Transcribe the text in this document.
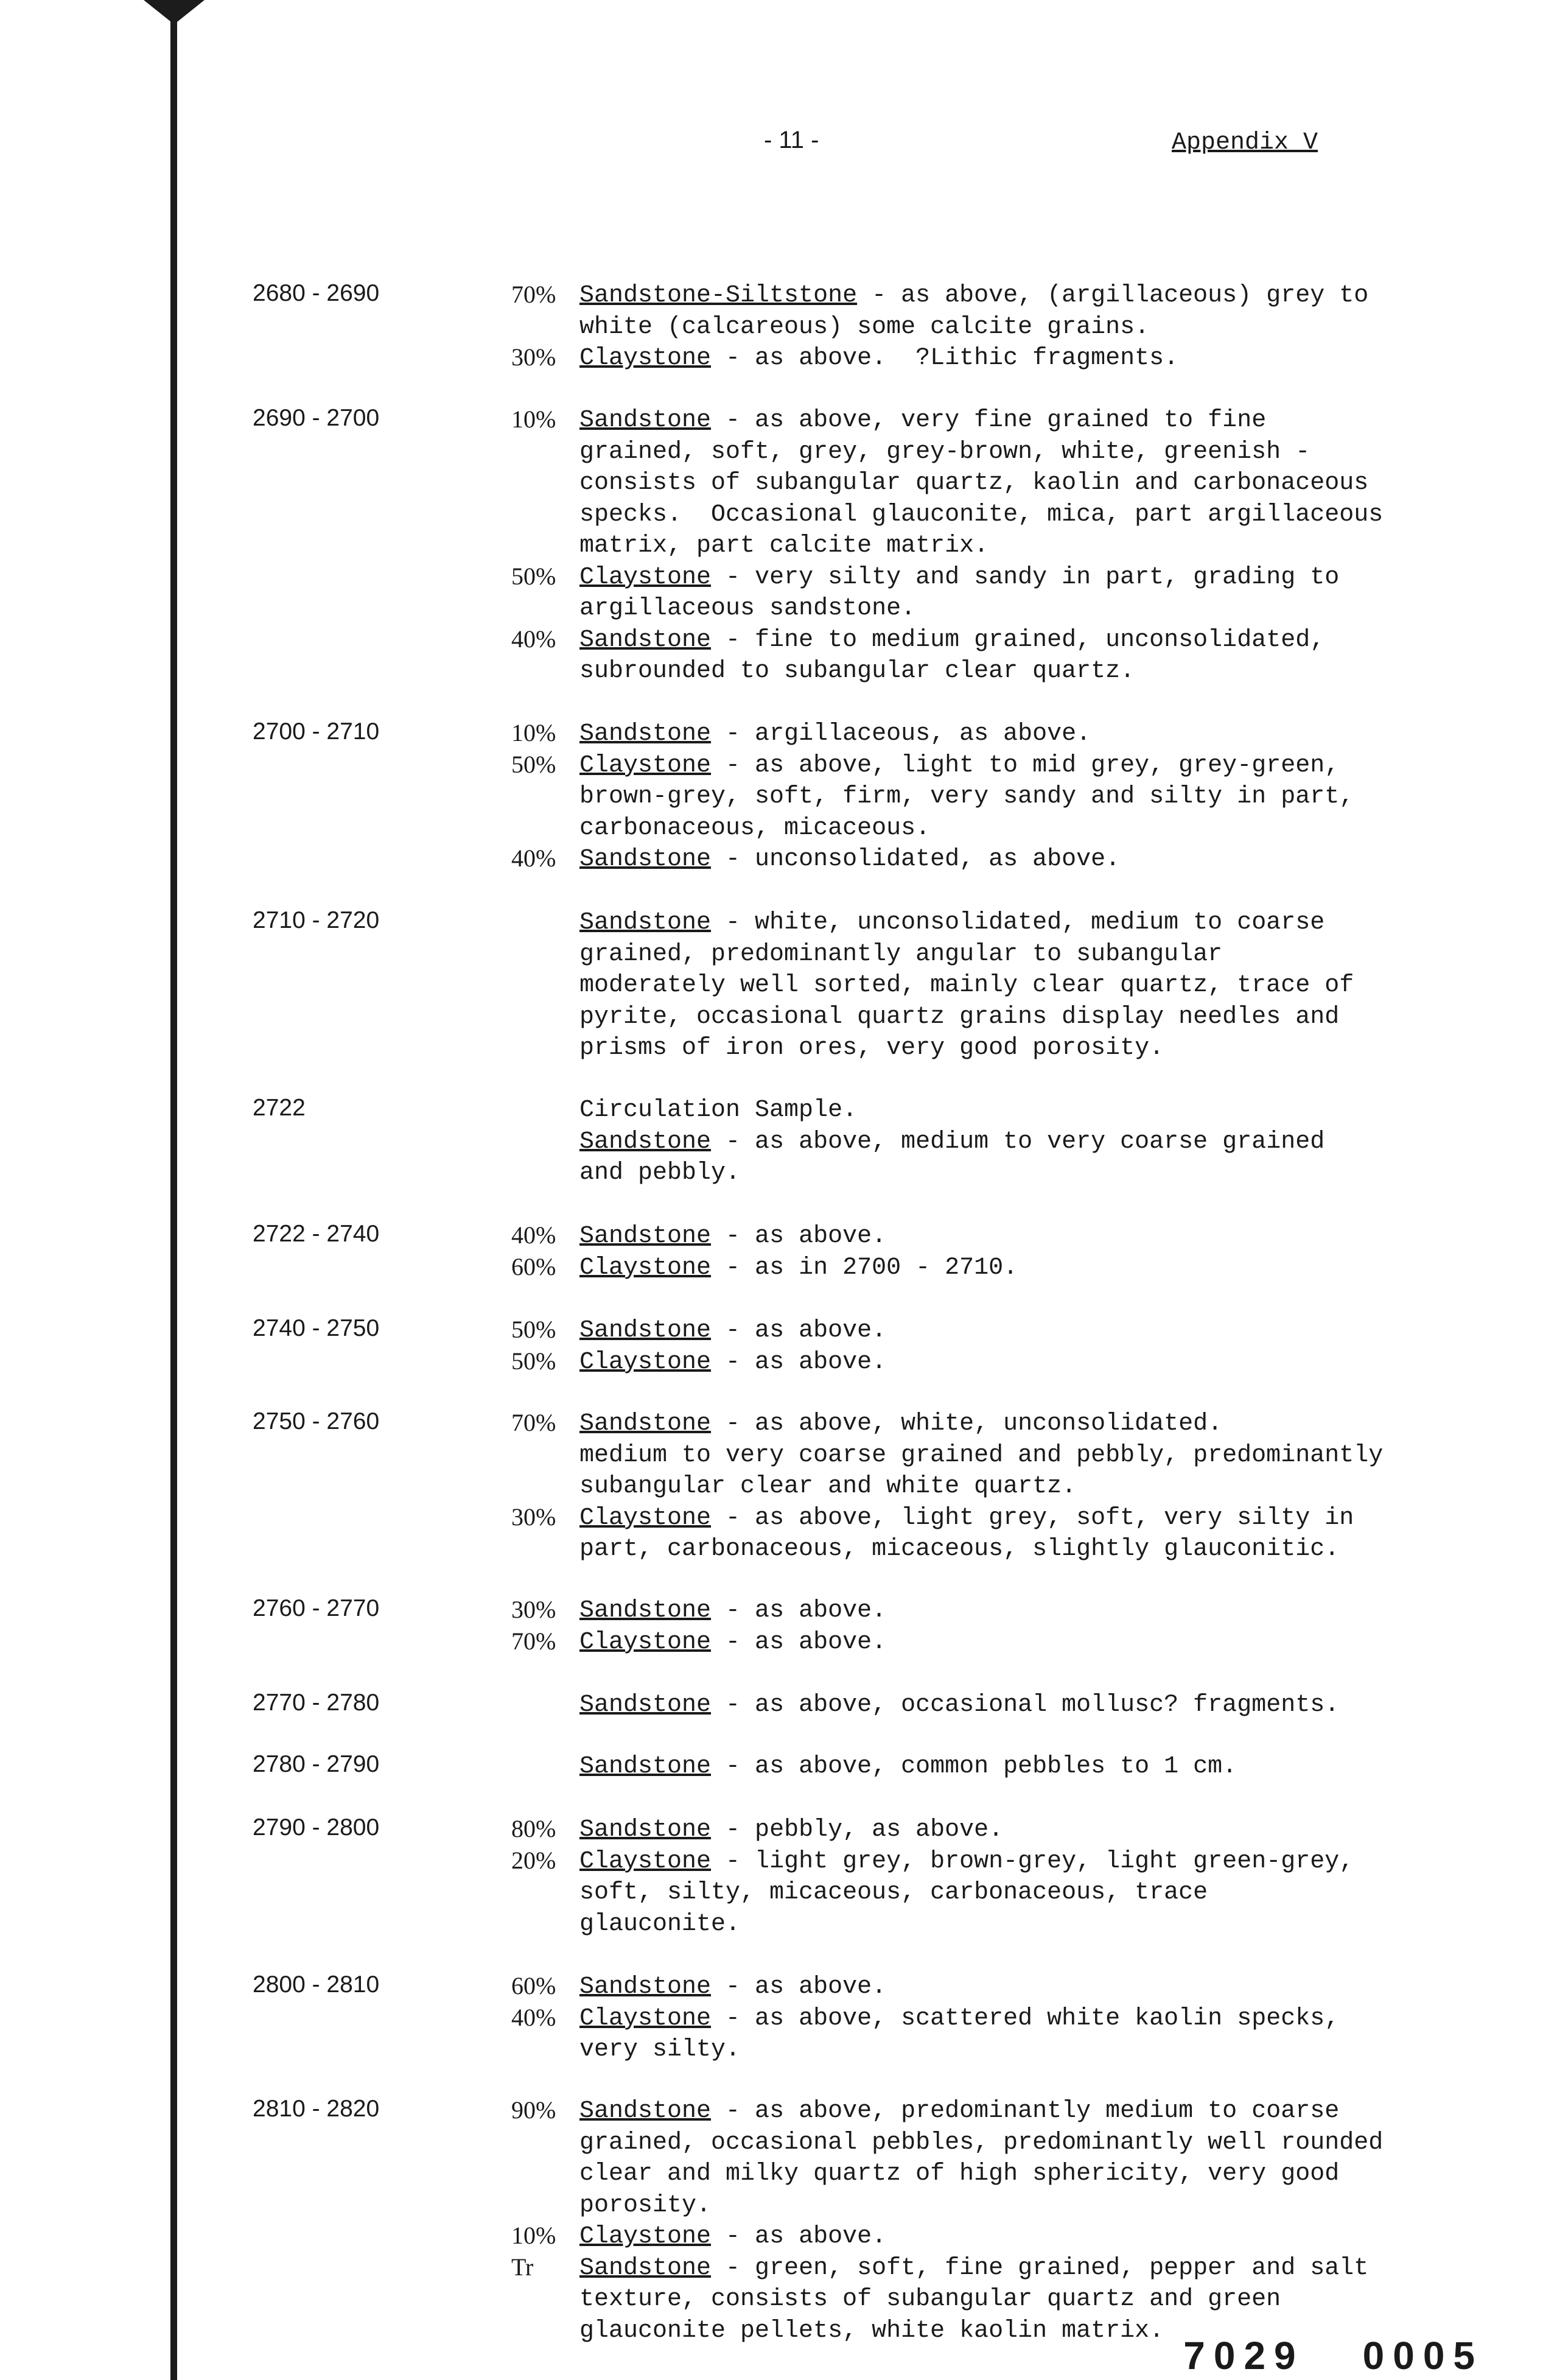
- 11 -	Appendix V
2680 - 2690	70% Sandstone-Siltstone - as above, (argillaceous) grey to
white (calcareous) some calcite grains.
30% Claystone - as above.  ?Lithic fragments.
2690 - 2700	10% Sandstone - as above, very fine grained to fine
grained, soft, grey, grey-brown, white, greenish -
consists of subangular quartz, kaolin and carbonaceous
specks.  Occasional glauconite, mica, part argillaceous
matrix, part calcite matrix.
50% Claystone - very silty and sandy in part, grading to
argillaceous sandstone.
40% Sandstone - fine to medium grained, unconsolidated,
subrounded to subangular clear quartz.
2700 - 2710	10% Sandstone - argillaceous, as above.
50% Claystone - as above, light to mid grey, grey-green,
brown-grey, soft, firm, very sandy and silty in part,
carbonaceous, micaceous.
40% Sandstone - unconsolidated, as above.
2710 - 2720	Sandstone - white, unconsolidated, medium to coarse
grained, predominantly angular to subangular
moderately well sorted, mainly clear quartz, trace of
pyrite, occasional quartz grains display needles and
prisms of iron ores, very good porosity.
2722	Circulation Sample.
Sandstone - as above, medium to very coarse grained
and pebbly.
2722 - 2740	40% Sandstone - as above.
60% Claystone - as in 2700 - 2710.
2740 - 2750	50% Sandstone - as above.
50% Claystone - as above.
2750 - 2760	70% Sandstone - as above, white, unconsolidated.
medium to very coarse grained and pebbly, predominantly
subangular clear and white quartz.
30% Claystone - as above, light grey, soft, very silty in
part, carbonaceous, micaceous, slightly glauconitic.
2760 - 2770	30% Sandstone - as above.
70% Claystone - as above.
2770 - 2780	Sandstone - as above, occasional mollusc? fragments.
2780 - 2790	Sandstone - as above, common pebbles to 1 cm.
2790 - 2800	80% Sandstone - pebbly, as above.
20% Claystone - light grey, brown-grey, light green-grey,
soft, silty, micaceous, carbonaceous, trace
glauconite.
2800 - 2810	60% Sandstone - as above.
40% Claystone - as above, scattered white kaolin specks,
very silty.
2810 - 2820	90% Sandstone - as above, predominantly medium to coarse
grained, occasional pebbles, predominantly well rounded
clear and milky quartz of high sphericity, very good
porosity.
10% Claystone - as above.
Tr Sandstone - green, soft, fine grained, pepper and salt
texture, consists of subangular quartz and green
glauconite pellets, white kaolin matrix.
7029 0005
